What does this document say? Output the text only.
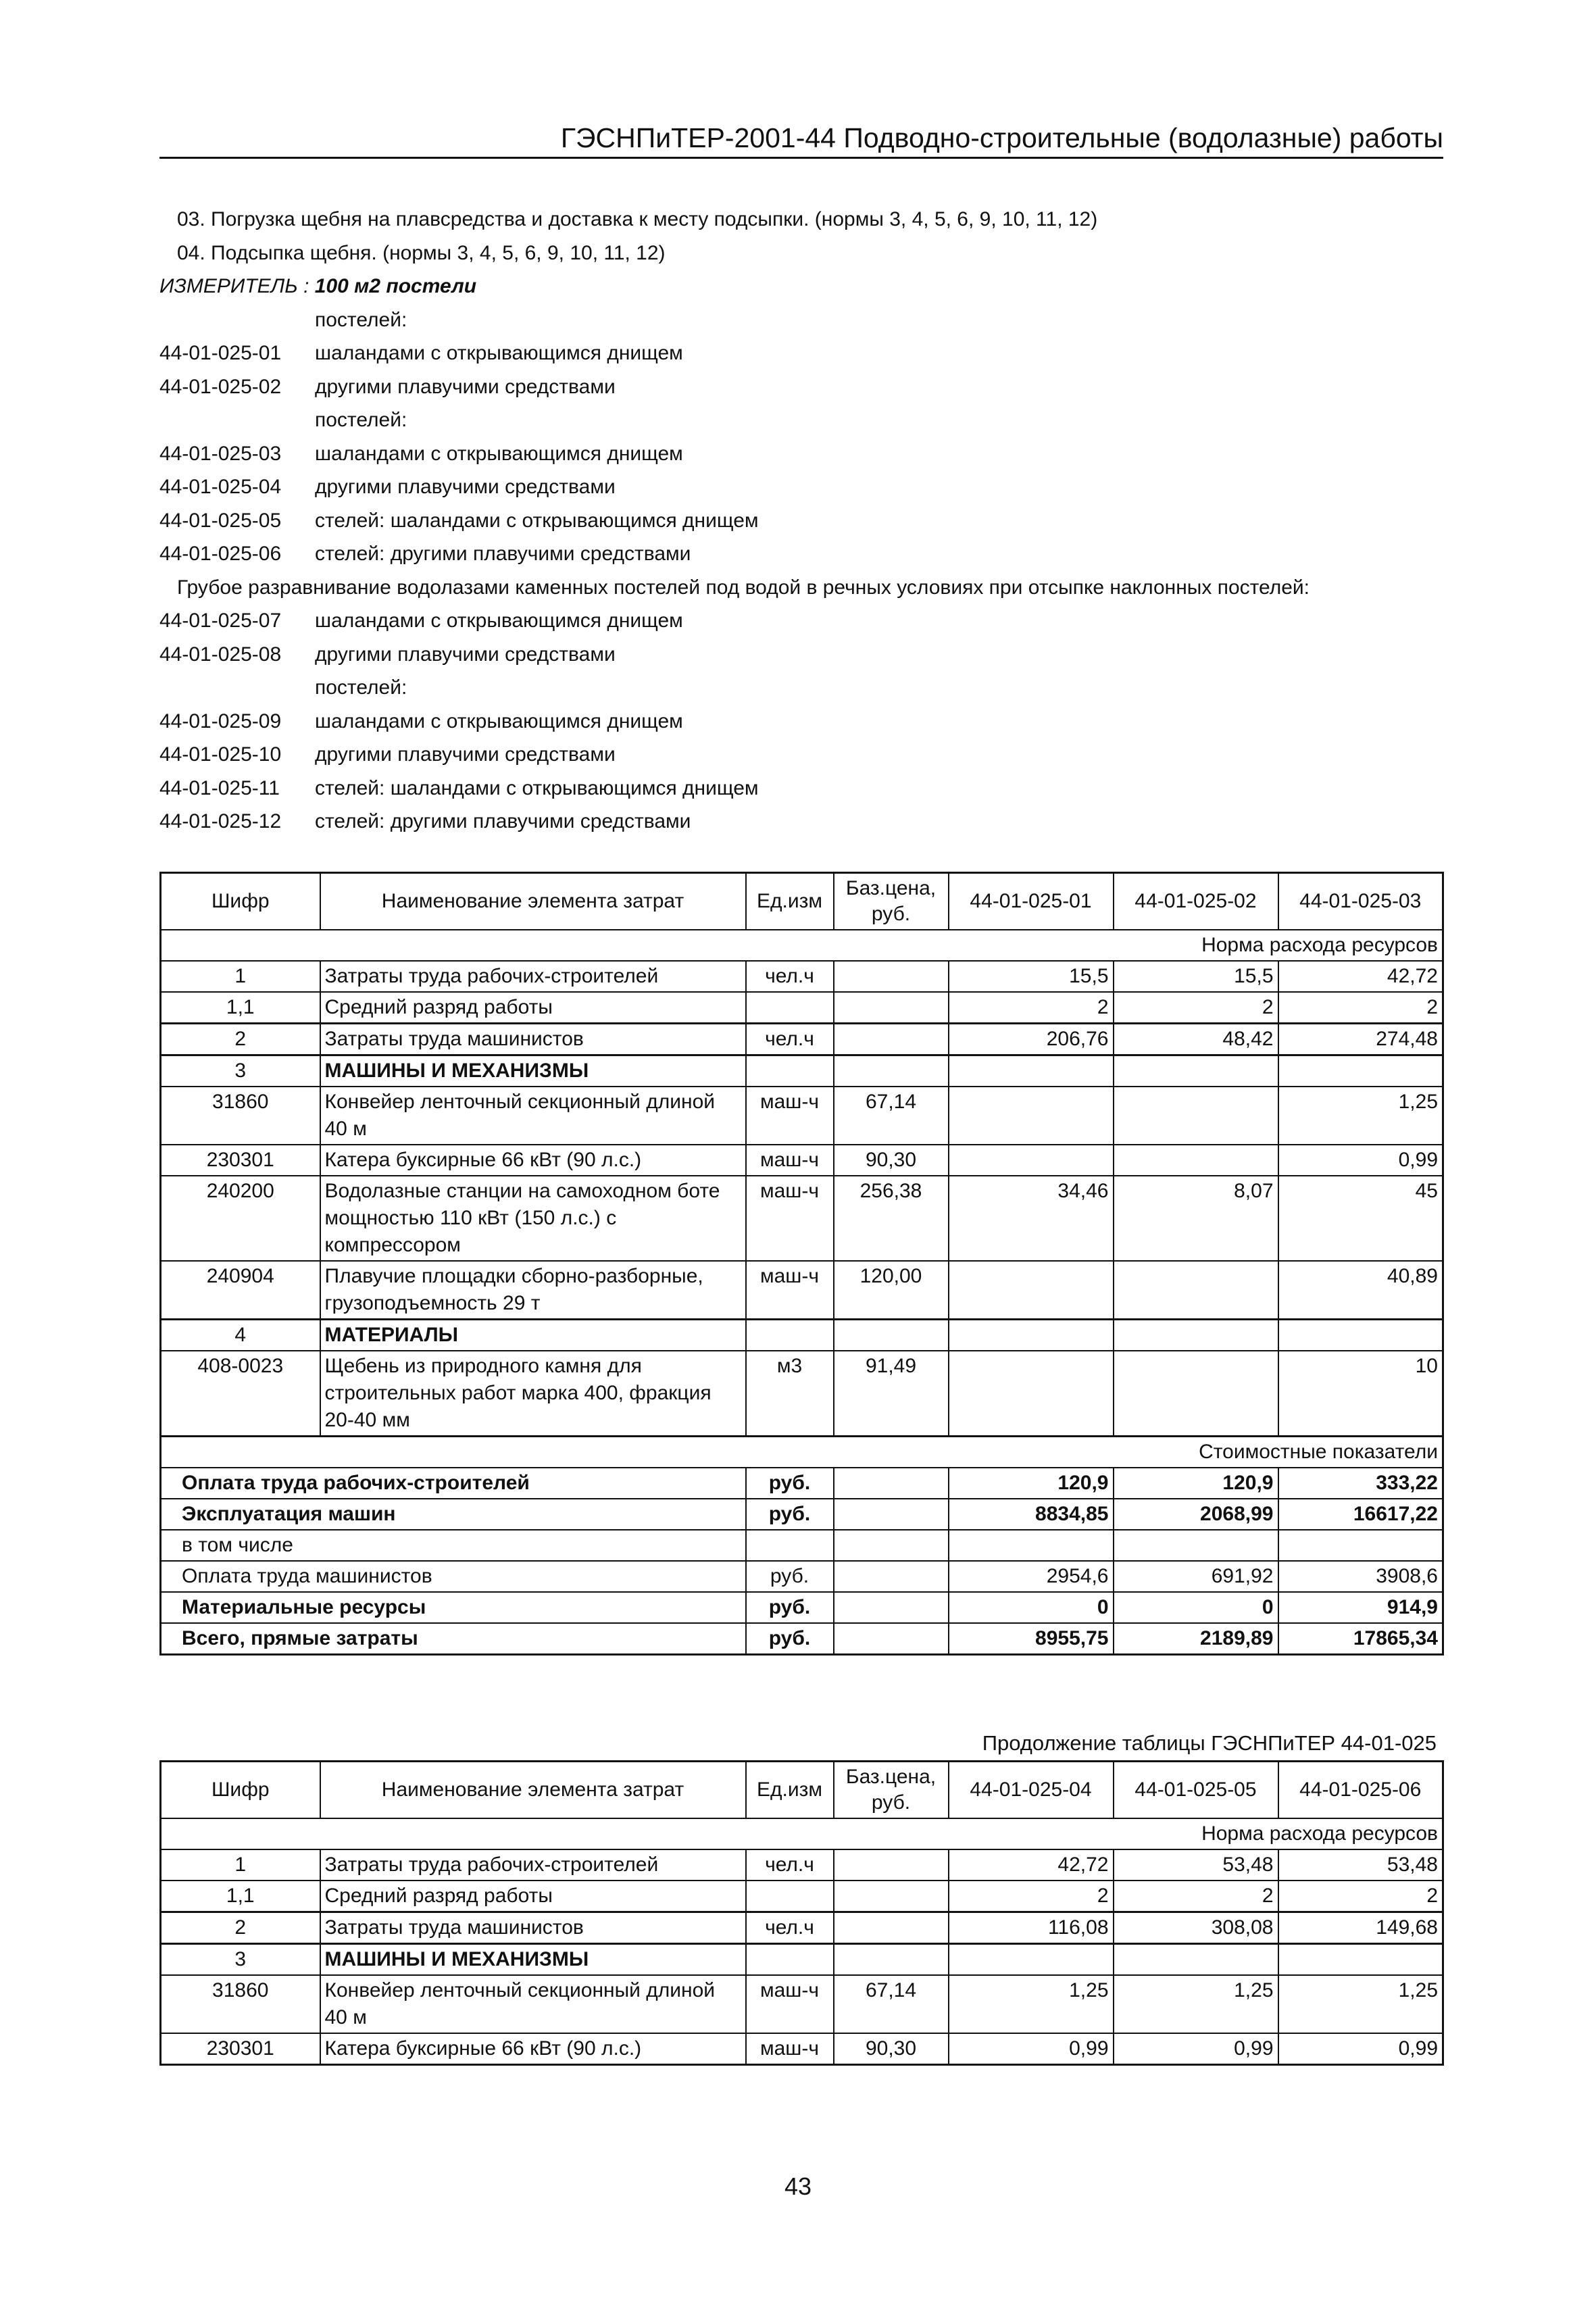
ГЭСНПиТЕР-2001-44 Подводно-строительные (водолазные) работы
03. Погрузка щебня на плавсредства и доставка к месту подсыпки. (нормы 3, 4, 5, 6, 9, 10, 11, 12)
04. Подсыпка щебня. (нормы 3, 4, 5, 6, 9, 10, 11, 12)
ИЗМЕРИТЕЛЬ : 100 м2 постели
постелей:
44-01-025-01 шаландами с открывающимся днищем
44-01-025-02 другими плавучими средствами
постелей:
44-01-025-03 шаландами с открывающимся днищем
44-01-025-04 другими плавучими средствами
44-01-025-05 стелей: шаландами с открывающимся днищем
44-01-025-06 стелей: другими плавучими средствами
Грубое разравнивание водолазами каменных постелей под водой в речных условиях при отсыпке наклонных постелей:
44-01-025-07 шаландами с открывающимся днищем
44-01-025-08 другими плавучими средствами
постелей:
44-01-025-09 шаландами с открывающимся днищем
44-01-025-10 другими плавучими средствами
44-01-025-11 стелей: шаландами с открывающимся днищем
44-01-025-12 стелей: другими плавучими средствами
Шифр	Наименование элемента затрат	Ед.изм	Баз.цена, руб.	44-01-025-01	44-01-025-02	44-01-025-03
Норма расхода ресурсов						
1	Затраты труда рабочих-строителей	чел.ч		15,5	15,5	42,72
1,1	Средний разряд работы			2	2	2
2	Затраты труда машинистов	чел.ч		206,76	48,42	274,48
3	МАШИНЫ И МЕХАНИЗМЫ					
31860	Конвейер ленточный секционный длиной 40 м	маш-ч	67,14			1,25
230301	Катера буксирные 66 кВт (90 л.с.)	маш-ч	90,30			0,99
240200	Водолазные станции на самоходном боте мощностью 110 кВт (150 л.с.) с компрессором	маш-ч	256,38	34,46	8,07	45
240904	Плавучие площадки сборно-разборные, грузоподъемность 29 т	маш-ч	120,00			40,89
4	МАТЕРИАЛЫ					
408-0023	Щебень из природного камня для строительных работ марка 400, фракция 20-40 мм	м3	91,49			10
Стоимостные показатели						
Оплата труда рабочих-строителей		руб.		120,9	120,9	333,22
Эксплуатация машин		руб.		8834,85	2068,99	16617,22
в том числе						
Оплата труда машинистов		руб.		2954,6	691,92	3908,6
Материальные ресурсы		руб.		0	0	914,9
Всего, прямые затраты		руб.		8955,75	2189,89	17865,34
Продолжение таблицы ГЭСНПиТЕР 44-01-025
Шифр	Наименование элемента затрат	Ед.изм	Баз.цена, руб.	44-01-025-04	44-01-025-05	44-01-025-06
Норма расхода ресурсов						
1	Затраты труда рабочих-строителей	чел.ч		42,72	53,48	53,48
1,1	Средний разряд работы			2	2	2
2	Затраты труда машинистов	чел.ч		116,08	308,08	149,68
3	МАШИНЫ И МЕХАНИЗМЫ					
31860	Конвейер ленточный секционный длиной 40 м	маш-ч	67,14	1,25	1,25	1,25
230301	Катера буксирные 66 кВт (90 л.с.)	маш-ч	90,30	0,99	0,99	0,99
43
